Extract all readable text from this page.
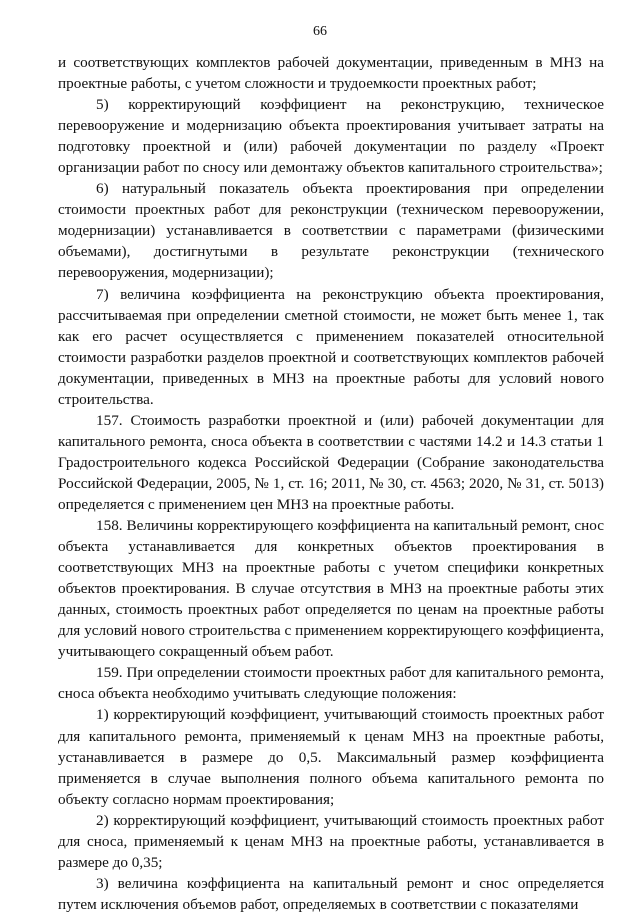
66

и соответствующих комплектов рабочей документации, приведенным в МНЗ на проектные работы, с учетом сложности и трудоемкости проектных работ;

5) корректирующий коэффициент на реконструкцию, техническое перевооружение и модернизацию объекта проектирования учитывает затраты на подготовку проектной и (или) рабочей документации по разделу «Проект организации работ по сносу или демонтажу объектов капитального строительства»;

6) натуральный показатель объекта проектирования при определении стоимости проектных работ для реконструкции (техническом перевооружении, модернизации) устанавливается в соответствии с параметрами (физическими объемами), достигнутыми в результате реконструкции (технического перевооружения, модернизации);

7) величина коэффициента на реконструкцию объекта проектирования, рассчитываемая при определении сметной стоимости, не может быть менее 1, так как его расчет осуществляется с применением показателей относительной стоимости разработки разделов проектной и соответствующих комплектов рабочей документации, приведенных в МНЗ на проектные работы для условий нового строительства.

157. Стоимость разработки проектной и (или) рабочей документации для капитального ремонта, сноса объекта в соответствии с частями 14.2 и 14.3 статьи 1 Градостроительного кодекса Российской Федерации (Собрание законодательства Российской Федерации, 2005, № 1, ст. 16; 2011, № 30, ст. 4563; 2020, № 31, ст. 5013) определяется с применением цен МНЗ на проектные работы.

158. Величины корректирующего коэффициента на капитальный ремонт, снос объекта устанавливается для конкретных объектов проектирования в соответствующих МНЗ на проектные работы с учетом специфики конкретных объектов проектирования. В случае отсутствия в МНЗ на проектные работы этих данных, стоимость проектных работ определяется по ценам на проектные работы для условий нового строительства с применением корректирующего коэффициента, учитывающего сокращенный объем работ.

159. При определении стоимости проектных работ для капитального ремонта, сноса объекта необходимо учитывать следующие положения:

1) корректирующий коэффициент, учитывающий стоимость проектных работ для капитального ремонта, применяемый к ценам МНЗ на проектные работы, устанавливается в размере до 0,5. Максимальный размер коэффициента применяется в случае выполнения полного объема капитального ремонта по объекту согласно нормам проектирования;

2) корректирующий коэффициент, учитывающий стоимость проектных работ для сноса, применяемый к ценам МНЗ на проектные работы, устанавливается в размере до 0,35;

3) величина коэффициента на капитальный ремонт и снос определяется путем исключения объемов работ, определяемых в соответствии с показателями
